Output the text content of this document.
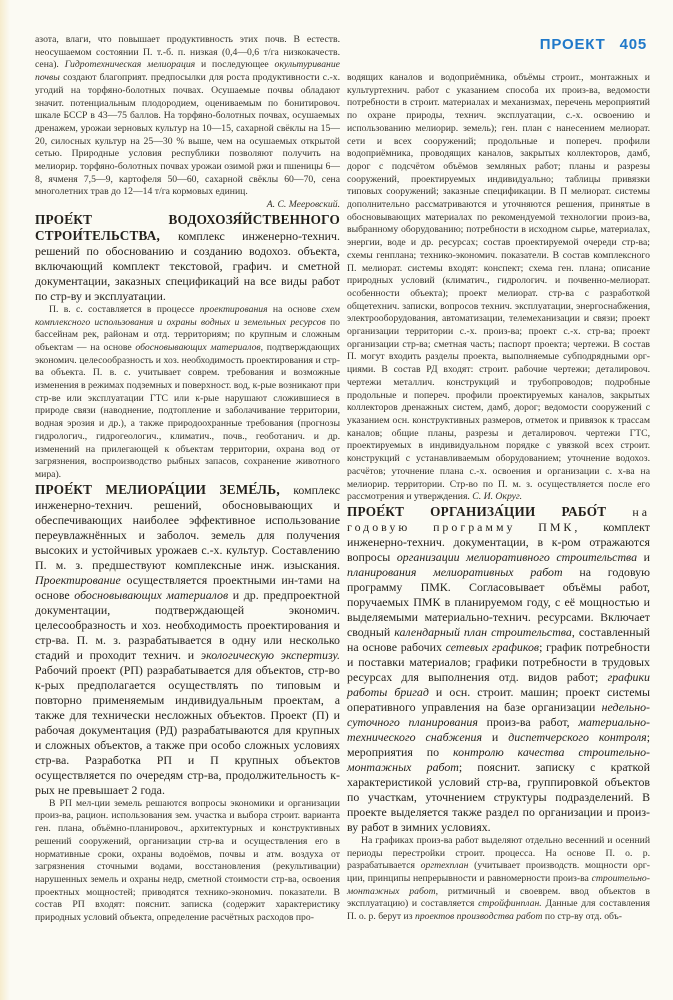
ПРОЕКТ 405
азота, влаги, что повышает продуктивность этих почв. В естеств. неосушаемом состоянии П. т.-б. п. низкая (0,4—0,6 т/га низкокачеств. сена). Гидротехническая мелиорация и последующее окультуривание почвы создают благоприят. предпосылки для роста продуктивности с.-х. угодий на торфяно-болотных почвах. Осушаемые почвы обладают значит. потенциальным плодородием, оцениваемым по бонитировоч. шкале БССР в 43—75 баллов. На торфяно-болотных почвах, осушаемых дренажем, урожаи зерновых культур на 10—15, сахарной свёклы на 15—20, силосных культур на 25—30 % выше, чем на осушаемых открытой сетью. Природные условия республики позволяют получить на мелиорир. торфяно-болотных почвах урожаи озимой ржи и пшеницы 6—8, ячменя 7,5—9, картофеля 50—60, сахарной свёклы 60—70, сена многолетних трав до 12—14 т/га кормовых единиц.
А. С. Мееровский.
ПРОЕ́КТ ВОДОХОЗЯ́ЙСТВЕННОГО СТРОИ́ТЕЛЬСТВА, комплекс инженерно-технич. решений по обоснованию и созданию водохоз. объекта, включающий комплект текстовой, графич. и сметной документации, заказных спецификаций на все виды работ по стр-ву и эксплуатации.
П. в. с. составляется в процессе проектирования на основе схем комплексного использования и охраны водных и земельных ресурсов по бассейнам рек, районам и отд. территориям; по крупным и сложным объектам — на основе обосновывающих материалов, подтверждающих экономич. целесообразность и хоз. необходимость проектирования и стр-ва объекта. П. в. с. учитывает соврем. требования и возможные изменения в режимах подземных и поверхност. вод, к-рые возникают при стр-ве или эксплуатации ГТС или к-рые нарушают сложившиеся в природе связи (наводнение, подтопление и заболачивание территории, водная эрозия и др.), а также природоохранные требования (прогнозы гидрологич., гидрогеологич., климатич., почв., геоботанич. и др. изменений на прилегающей к объектам территории, охрана вод от загрязнения, воспроизводство рыбных запасов, сохранение животного мира).
ПРОЕ́КТ МЕЛИОРА́ЦИИ ЗЕМЕ́ЛЬ, комплекс инженерно-технич. решений, обосновывающих и обеспечивающих наиболее эффективное использование переувлажнённых и заболоч. земель для получения высоких и устойчивых урожаев с.-х. культур. Составлению П. м. з. предшествуют комплексные инж. изыскания. Проектирование осуществляется проектными ин-тами на основе обосновывающих материалов и др. предпроектной документации, подтверждающей экономич. целесообразность и хоз. необходимость проектирования и стр-ва. П. м. з. разрабатывается в одну или несколько стадий и проходит технич. и экологическую экспертизу. Рабочий проект (РП) разрабатывается для объектов, стр-во к-рых предполагается осуществлять по типовым и повторно применяемым индивидуальным проектам, а также для технически несложных объектов. Проект (П) и рабочая документация (РД) разрабатываются для крупных и сложных объектов, а также при особо сложных условиях стр-ва. Разработка РП и П крупных объектов осуществляется по очередям стр-ва, продолжительность к-рых не превышает 2 года.
В РП мел-ции земель решаются вопросы экономики и организации произ-ва, рацион. использования зем. участка и выбора строит. варианта ген. плана, объёмно-планировоч., архитектурных и конструктивных решений сооружений, организации стр-ва и осуществления его в нормативные сроки, охраны водоёмов, почвы и атм. воздуха от загрязнения сточными водами, восстановления (рекультивации) нарушенных земель и охраны недр, сметной стоимости стр-ва, освоения проектных мощностей; приводятся технико-экономич. показатели. В состав РП входят: пояснит. записка (содержит характеристику природных условий объекта, определение расчётных расходов про-
водящих каналов и водоприёмника, объёмы строит., монтажных и культуртехнич. работ с указанием способа их произ-ва, ведомости потребности в строит. материалах и механизмах, перечень мероприятий по охране природы, технич. эксплуатации, с.-х. освоению и использованию мелиорир. земель); ген. план с нанесением мелиорат. сети и всех сооружений; продольные и попереч. профили водоприёмника, проводящих каналов, закрытых коллекторов, дамб, дорог с подсчётом объёмов земляных работ; планы и разрезы сооружений, проектируемых индивидуально; таблицы привязки типовых сооружений; заказные спецификации. В П мелиорат. системы дополнительно рассматриваются и уточняются решения, принятые в обосновывающих материалах по рекомендуемой технологии произ-ва, выбранному оборудованию; потребности в исходном сырье, материалах, энергии, воде и др. ресурсах; состав проектируемой очереди стр-ва; схемы генплана; технико-экономич. показатели. В состав комплексного П. мелиорат. системы входят: конспект; схема ген. плана; описание природных условий (климатич., гидрологич. и почвенно-мелиорат. особенности объекта); проект мелиорат. стр-ва с разработкой общетехнич. записки, вопросов технич. эксплуатации, энергоснабжения, электрооборудования, автоматизации, телемеханизации и связи; проект организации территории с.-х. произ-ва; проект с.-х. стр-ва; проект организации стр-ва; сметная часть; паспорт проекта; чертежи. В состав П. могут входить разделы проекта, выполняемые субподрядными орг-циями. В состав РД входят: строит. рабочие чертежи; деталировоч. чертежи металлич. конструкций и трубопроводов; подробные продольные и попереч. профили проектируемых каналов, закрытых коллекторов дренажных систем, дамб, дорог; ведомости сооружений с указанием осн. конструктивных размеров, отметок и привязок к трассам каналов; общие планы, разрезы и деталировоч. чертежи ГТС, проектируемых в индивидуальном порядке с увязкой всех строит. конструкций с устанавливаемым оборудованием; уточнение водохоз. расчётов; уточнение плана с.-х. освоения и организации с. х-ва на мелиорир. территории. Стр-во по П. м. з. осуществляется после его рассмотрения и утверждения. С. И. Округ.
ПРОЕ́КТ ОРГАНИЗА́ЦИИ РАБО́Т на годовую программу ПМК, комплект инженерно-технич. документации, в к-ром отражаются вопросы организации мелиоративного строительства и планирования мелиоративных работ на годовую программу ПМК. Согласовывает объёмы работ, поручаемых ПМК в планируемом году, с её мощностью и выделяемыми материально-технич. ресурсами. Включает сводный календарный план строительства, составленный на основе рабочих сетевых графиков; график потребности и поставки материалов; графики потребности в трудовых ресурсах для выполнения отд. видов работ; графики работы бригад и осн. строит. машин; проект системы оперативного управления на базе организации недельно-суточного планирования произ-ва работ, материально-технического снабжения и диспетчерского контроля; мероприятия по контролю качества строительно-монтажных работ; пояснит. записку с краткой характеристикой условий стр-ва, группировкой объектов по участкам, уточнением структуры подразделений. В проекте выделяется также раздел по организации и произ-ву работ в зимних условиях.
На графиках произ-ва работ выделяют отдельно весенний и осенний периоды перестройки строит. процесса. На основе П. о. р. разрабатывается оргтехплан (учитывает производств. мощности орг-ции, принципы непрерывности и равномерности произ-ва строительно-монтажных работ, ритмичный и своеврем. ввод объектов в эксплуатацию) и составляется стройфинплан. Данные для составления П. о. р. берут из проектов производства работ по стр-ву отд. объ-
